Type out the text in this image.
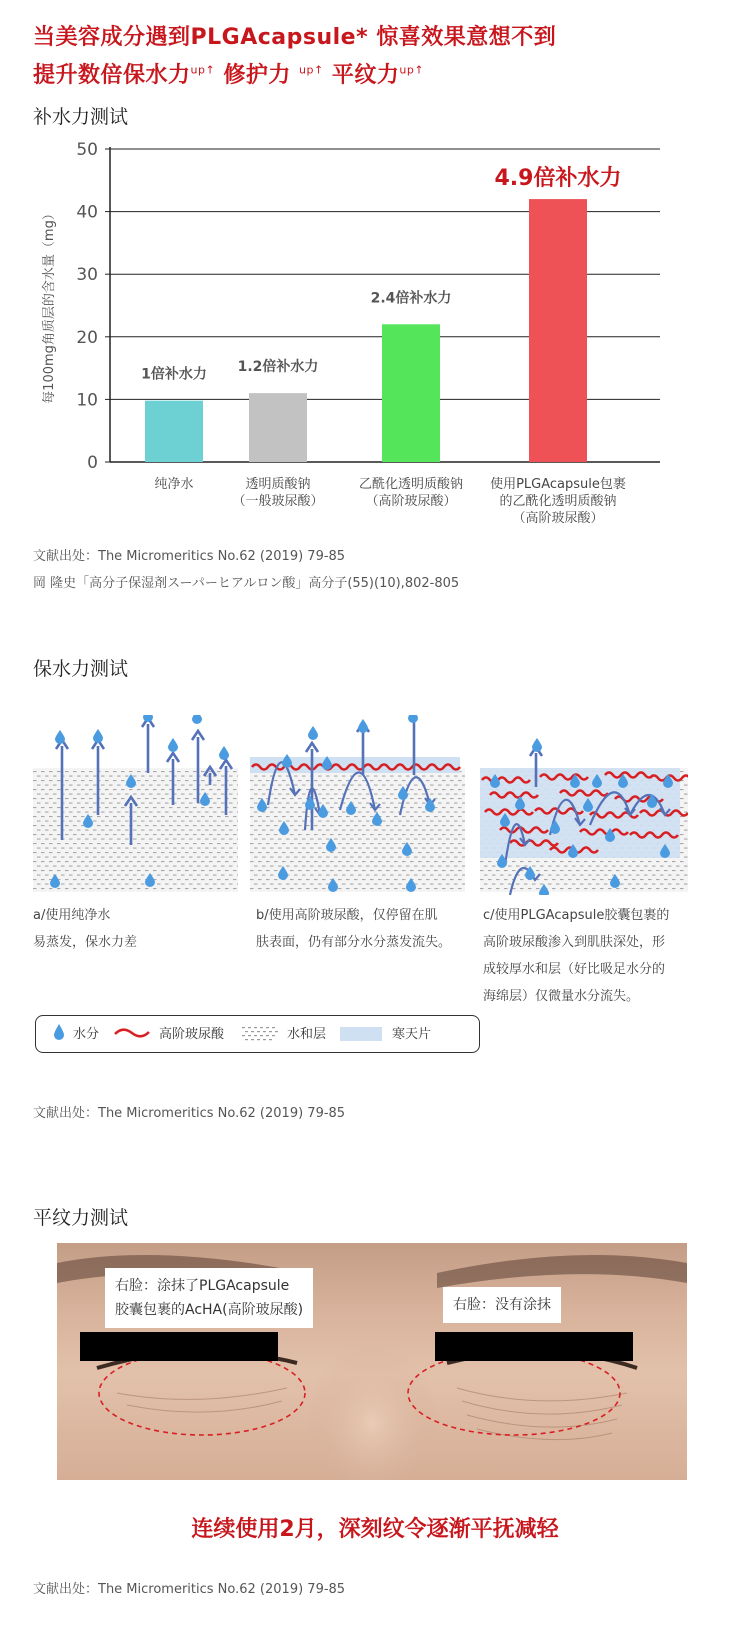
当美容成分遇到PLGAcapsule* 惊喜效果意想不到
提升数倍保水力$^{up↑}$ 修护力 $^{up↑}$ 平纹力$^{up↑}$
补水力测试
0
10
20
30
40
50
每100mg角质层的含水量（mg）	1倍补水力
纯净水
1.2倍补水力
透明质酸钠
（一般玻尿酸）
2.4倍补水力
乙酰化透明质酸钠
（高阶玻尿酸）
4.9倍补水力
使用PLGAcapsule包裹
的乙酰化透明质酸钠
（高阶玻尿酸）
文献出处：The Micromeritics No.62 (2019) 79-85
岡 隆史「高分子保湿剤スーパーヒアルロン酸」高分子(55)(10),802-805
保水力测试
a/使用纯净水
易蒸发，保水力差
b/使用高阶玻尿酸，仅停留在肌
肤表面，仍有部分水分蒸发流失。
c/使用PLGAcapsule胶囊包裹的
高阶玻尿酸渗入到肌肤深处，形
成较厚水和层（好比吸足水分的
海绵层）仅微量水分流失。
水分	高阶玻尿酸	水和层	寒天片
文献出处：The Micromeritics No.62 (2019) 79-85
平纹力测试
右脸：涂抹了PLGAcapsule
胶囊包裹的AcHA(高阶玻尿酸)	右脸：没有涂抹
连续使用2月，深刻纹令逐渐平抚减轻
文献出处：The Micromeritics No.62 (2019) 79-85
